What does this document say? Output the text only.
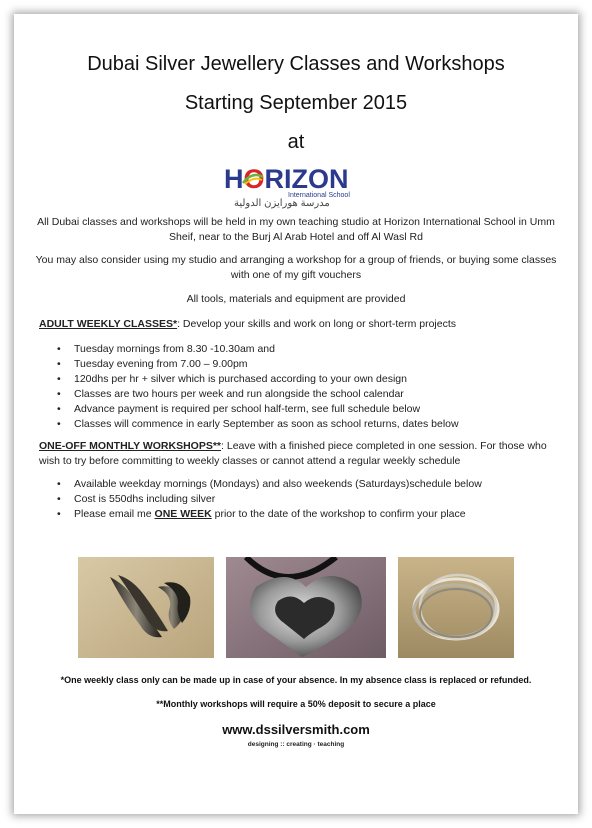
Dubai Silver Jewellery Classes and Workshops
Starting September 2015
at
HORIZON
International School
مدرسة هورايزن الدولية
All Dubai classes and workshops will be held in my own teaching studio at Horizon International School in Umm Sheif, near to the Burj Al Arab Hotel and off Al Wasl Rd
You may also consider using my studio and arranging a workshop for a group of friends, or buying some classes with one of my gift vouchers
All tools, materials and equipment are provided
ADULT WEEKLY CLASSES*: Develop your skills and work on long or short-term projects
• Tuesday mornings from 8.30 -10.30am and
• Tuesday evening from 7.00 – 9.00pm
• 120dhs per hr + silver which is purchased according to your own design
• Classes are two hours per week and run alongside the school calendar
• Advance payment is required per school half-term, see full schedule below
• Classes will commence in early September as soon as school returns, dates below
ONE-OFF MONTHLY WORKSHOPS**: Leave with a finished piece completed in one session. For those who wish to try before committing to weekly classes or cannot attend a regular weekly schedule
• Available weekday mornings (Mondays) and also weekends (Saturdays)schedule below
• Cost is 550dhs including silver
• Please email me ONE WEEK prior to the date of the workshop to confirm your place
*One weekly class only can be made up in case of your absence. In my absence class is replaced or refunded.
**Monthly workshops will require a 50% deposit to secure a place
www.dssilversmith.com
designing :: creating · teaching
